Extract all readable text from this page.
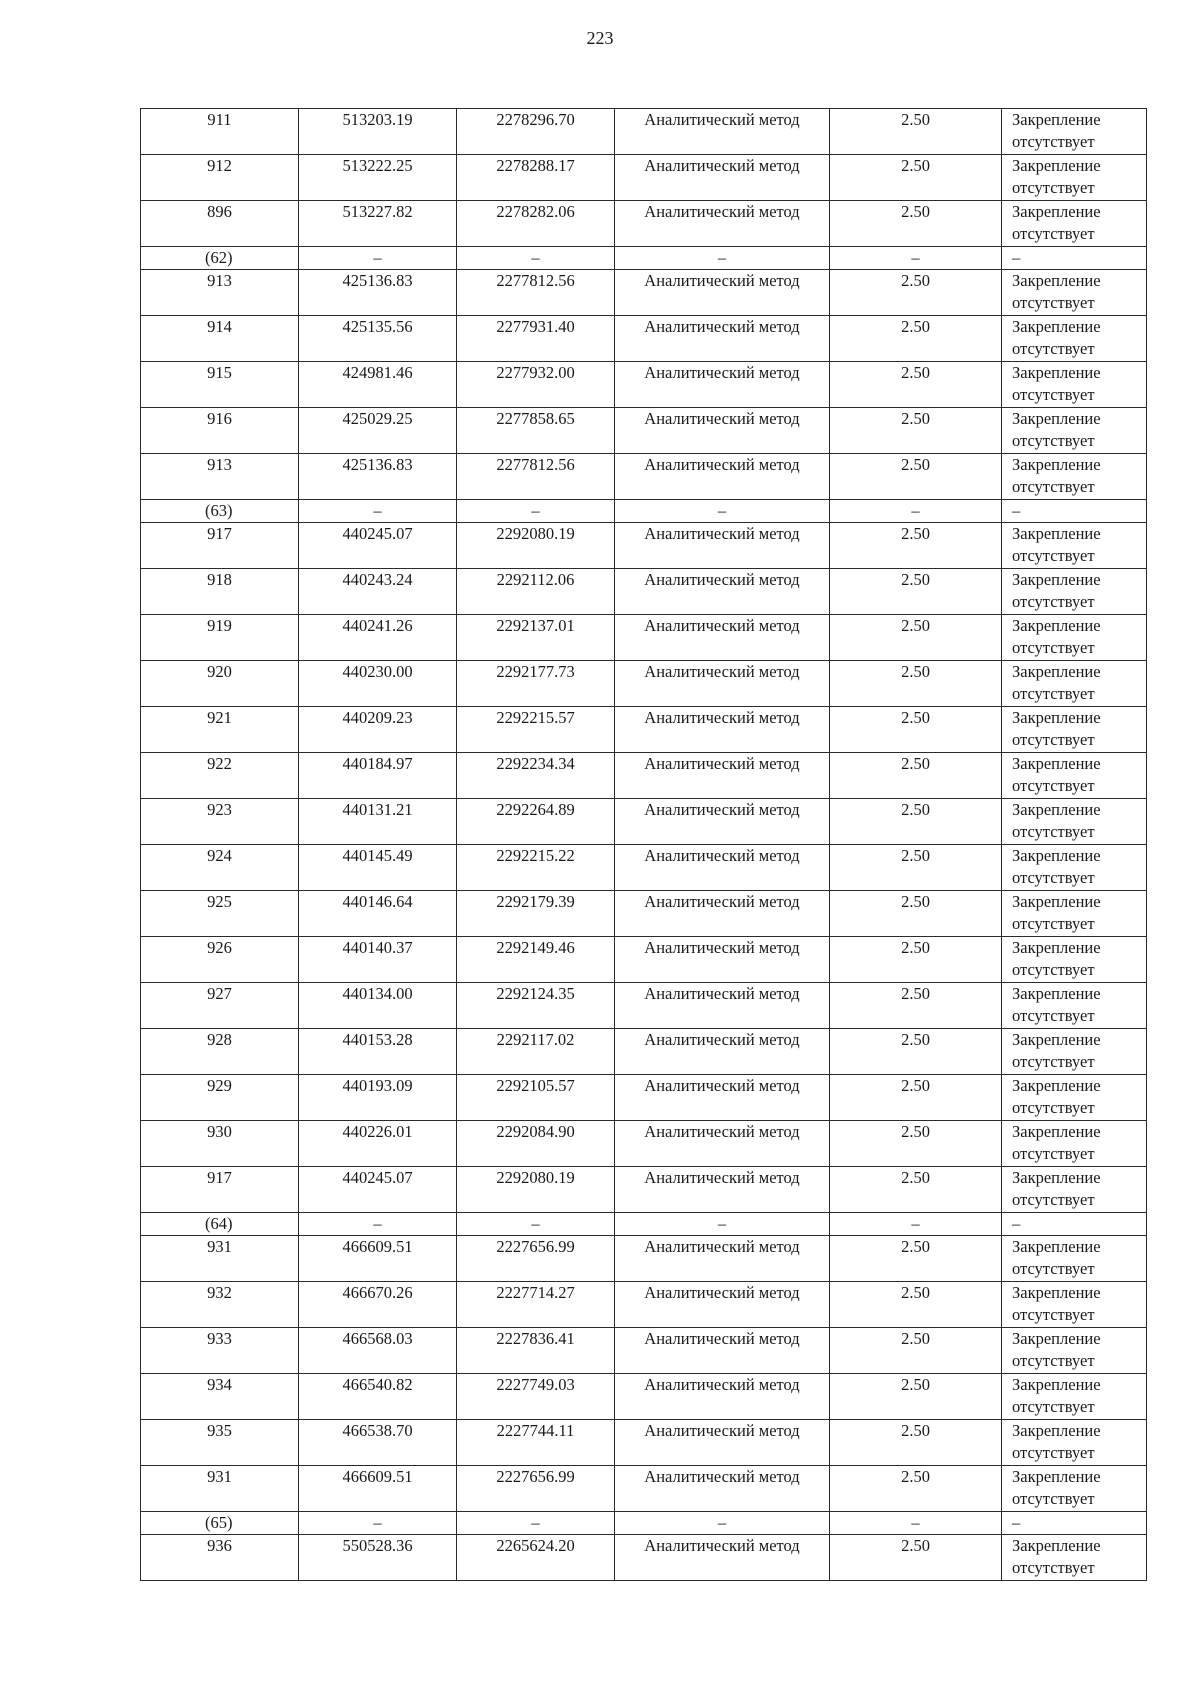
223
911	513203.19	2278296.70	Аналитический метод	2.50	Закрепление отсутствует
912	513222.25	2278288.17	Аналитический метод	2.50	Закрепление отсутствует
896	513227.82	2278282.06	Аналитический метод	2.50	Закрепление отсутствует
(62)	–	–	–	–	–
913	425136.83	2277812.56	Аналитический метод	2.50	Закрепление отсутствует
914	425135.56	2277931.40	Аналитический метод	2.50	Закрепление отсутствует
915	424981.46	2277932.00	Аналитический метод	2.50	Закрепление отсутствует
916	425029.25	2277858.65	Аналитический метод	2.50	Закрепление отсутствует
913	425136.83	2277812.56	Аналитический метод	2.50	Закрепление отсутствует
(63)	–	–	–	–	–
917	440245.07	2292080.19	Аналитический метод	2.50	Закрепление отсутствует
918	440243.24	2292112.06	Аналитический метод	2.50	Закрепление отсутствует
919	440241.26	2292137.01	Аналитический метод	2.50	Закрепление отсутствует
920	440230.00	2292177.73	Аналитический метод	2.50	Закрепление отсутствует
921	440209.23	2292215.57	Аналитический метод	2.50	Закрепление отсутствует
922	440184.97	2292234.34	Аналитический метод	2.50	Закрепление отсутствует
923	440131.21	2292264.89	Аналитический метод	2.50	Закрепление отсутствует
924	440145.49	2292215.22	Аналитический метод	2.50	Закрепление отсутствует
925	440146.64	2292179.39	Аналитический метод	2.50	Закрепление отсутствует
926	440140.37	2292149.46	Аналитический метод	2.50	Закрепление отсутствует
927	440134.00	2292124.35	Аналитический метод	2.50	Закрепление отсутствует
928	440153.28	2292117.02	Аналитический метод	2.50	Закрепление отсутствует
929	440193.09	2292105.57	Аналитический метод	2.50	Закрепление отсутствует
930	440226.01	2292084.90	Аналитический метод	2.50	Закрепление отсутствует
917	440245.07	2292080.19	Аналитический метод	2.50	Закрепление отсутствует
(64)	–	–	–	–	–
931	466609.51	2227656.99	Аналитический метод	2.50	Закрепление отсутствует
932	466670.26	2227714.27	Аналитический метод	2.50	Закрепление отсутствует
933	466568.03	2227836.41	Аналитический метод	2.50	Закрепление отсутствует
934	466540.82	2227749.03	Аналитический метод	2.50	Закрепление отсутствует
935	466538.70	2227744.11	Аналитический метод	2.50	Закрепление отсутствует
931	466609.51	2227656.99	Аналитический метод	2.50	Закрепление отсутствует
(65)	–	–	–	–	–
936	550528.36	2265624.20	Аналитический метод	2.50	Закрепление отсутствует
